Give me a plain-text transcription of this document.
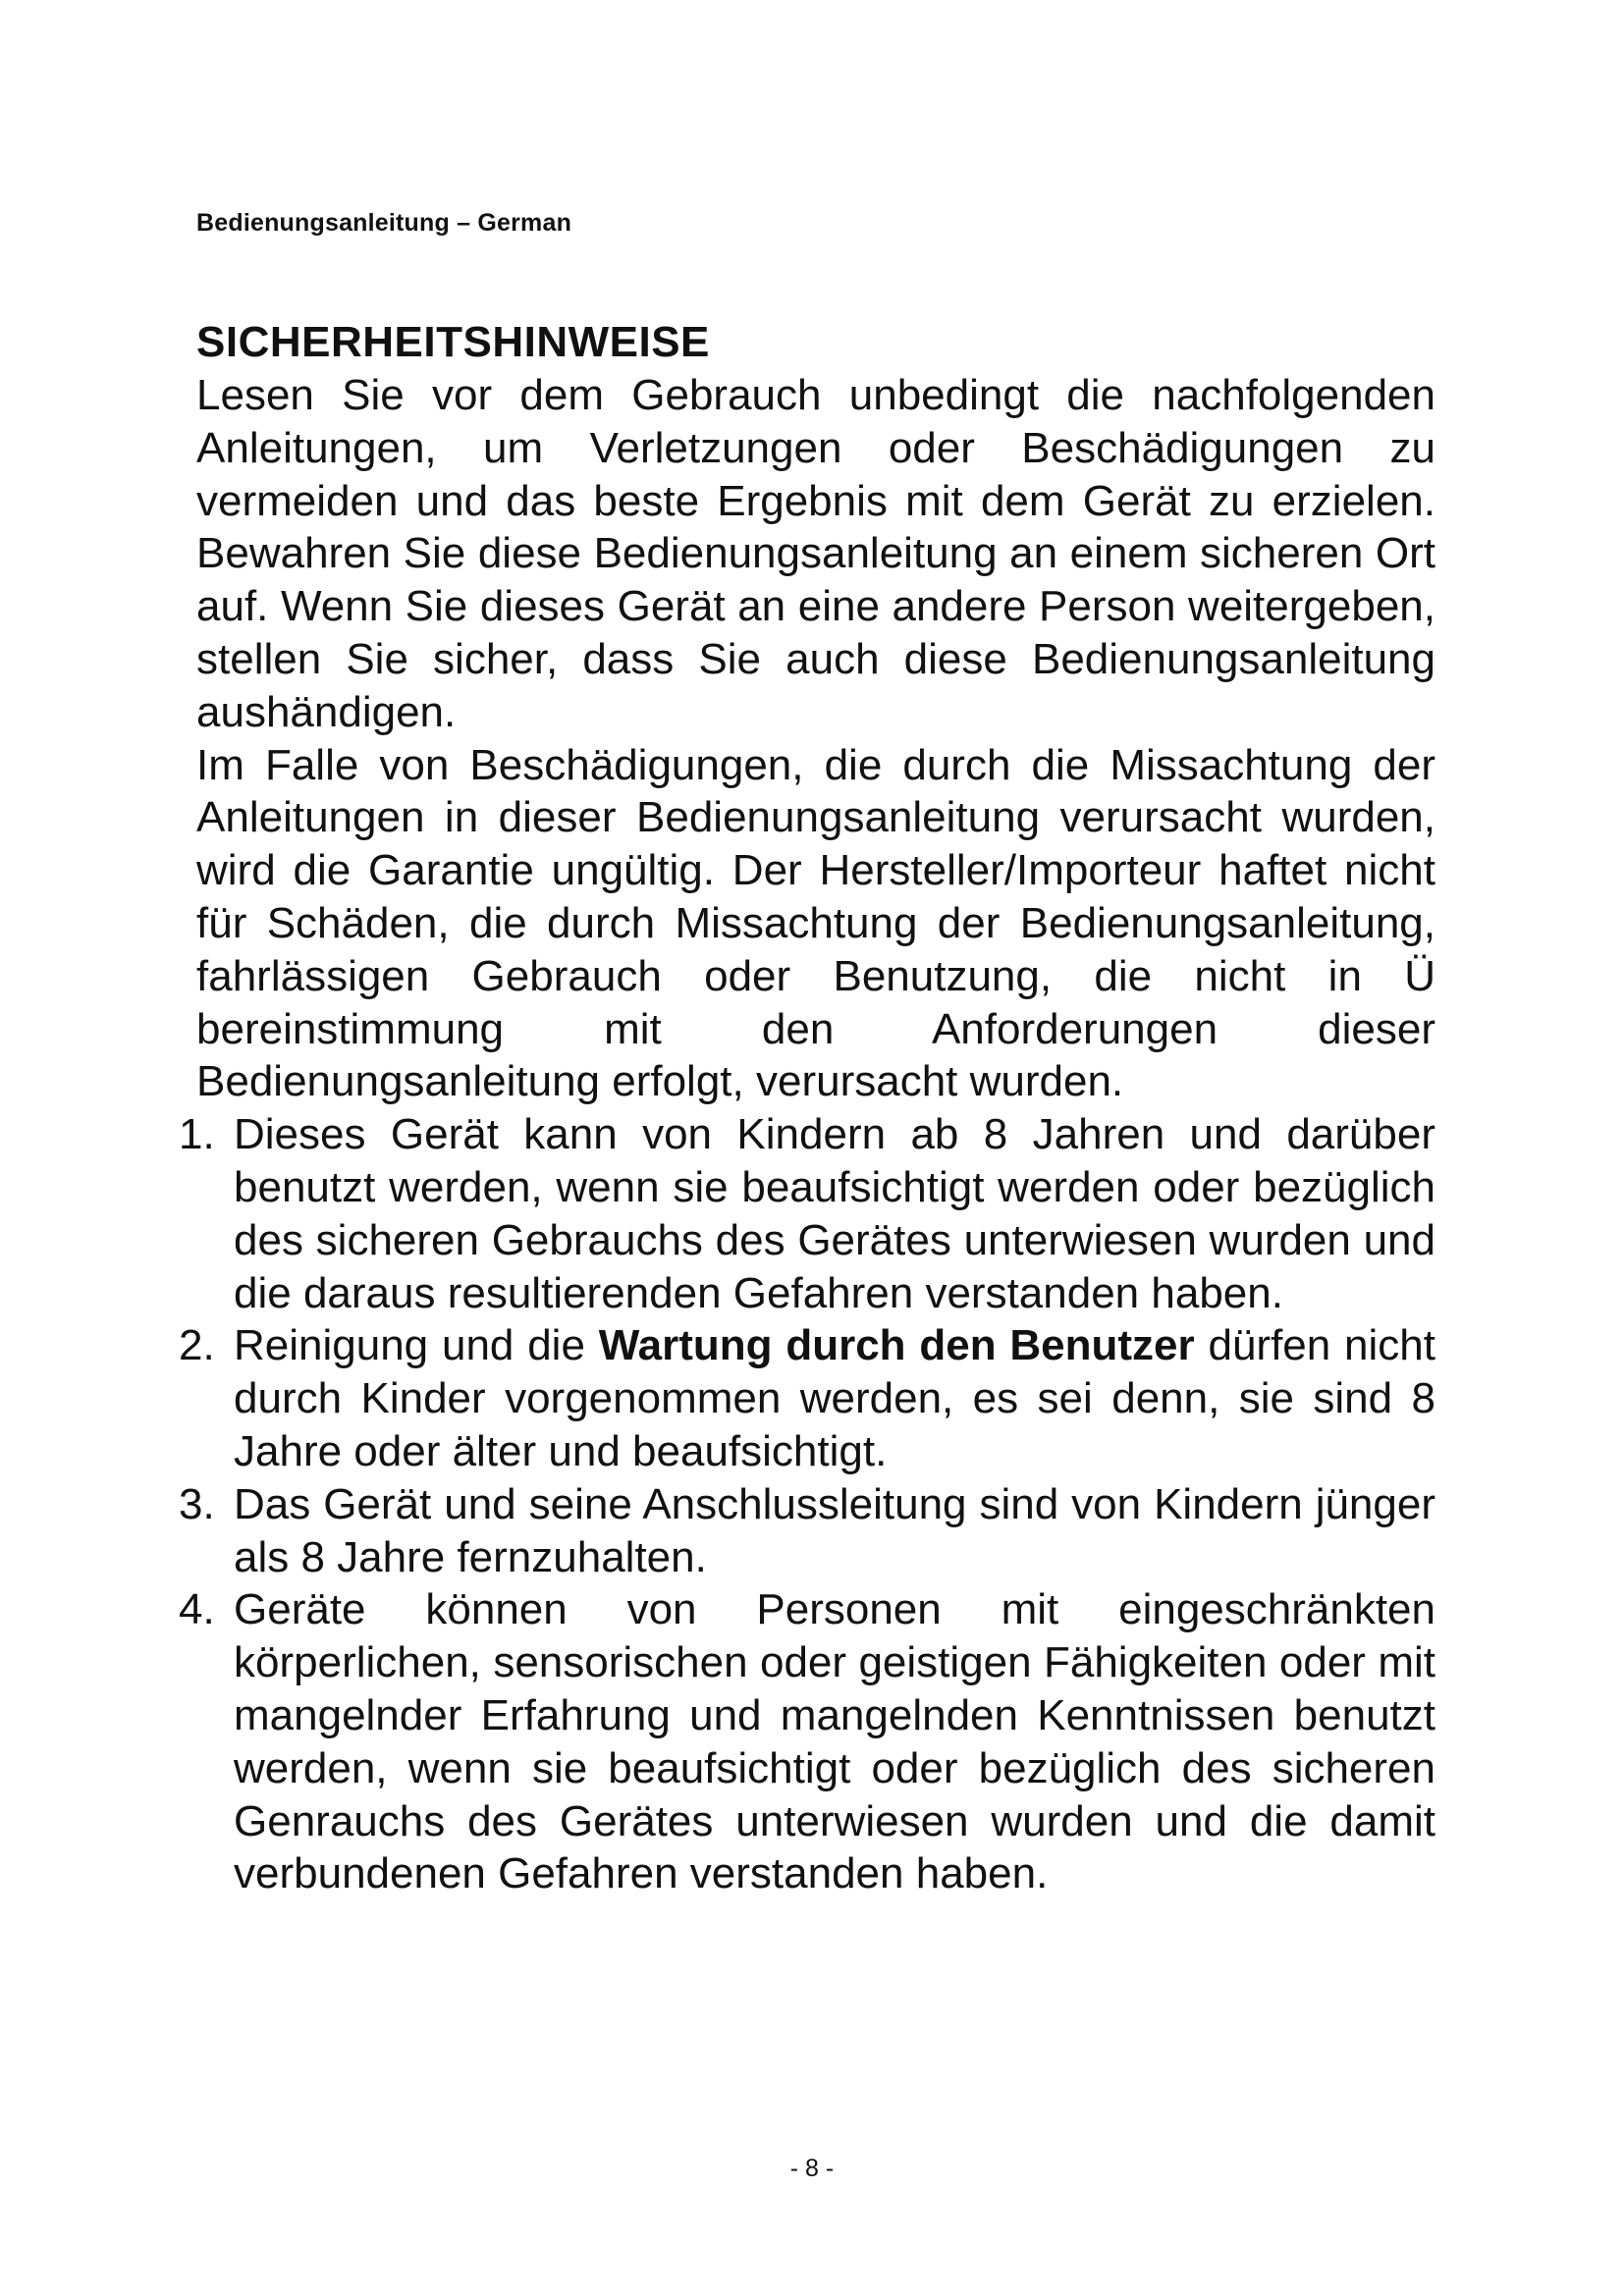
Bedienungsanleitung – German
SICHERHEITSHINWEISE

Lesen Sie vor dem Gebrauch unbedingt die nachfolgenden Anleitungen, um Verletzungen oder Beschädigungen zu vermeiden und das beste Ergebnis mit dem Gerät zu erzielen. Bewahren Sie diese Bedienungsanleitung an einem sicheren Ort auf. Wenn Sie dieses Gerät an eine andere Person weitergeben, stellen Sie sicher, dass Sie auch diese Bedienungsanleitung aushändigen.

Im Falle von Beschädigungen, die durch die Missachtung der Anleitungen in dieser Bedienungsanleitung verursacht wurden, wird die Garantie ungültig. Der Hersteller/Importeur haftet nicht für Schäden, die durch Missachtung der Bedienungsanleitung, fahrlässigen Gebrauch oder Benutzung, die nicht in Ü bereinstimmung mit den Anforderungen dieser Bedienungsanleitung erfolgt, verursacht wurden.

1. Dieses Gerät kann von Kindern ab 8 Jahren und darüber benutzt werden, wenn sie beaufsichtigt werden oder bezüglich des sicheren Gebrauchs des Gerätes unterwiesen wurden und die daraus resultierenden Gefahren verstanden haben.
2. Reinigung und die Wartung durch den Benutzer dürfen nicht durch Kinder vorgenommen werden, es sei denn, sie sind 8 Jahre oder älter und beaufsichtigt.
3. Das Gerät und seine Anschlussleitung sind von Kindern jünger als 8 Jahre fernzuhalten.
4. Geräte können von Personen mit eingeschränkten körperlichen, sensorischen oder geistigen Fähigkeiten oder mit mangelnder Erfahrung und mangelnden Kenntnissen benutzt werden, wenn sie beaufsichtigt oder bezüglich des sicheren Genrauchs des Gerätes unterwiesen wurden und die damit verbundenen Gefahren verstanden haben.
- 8 -
